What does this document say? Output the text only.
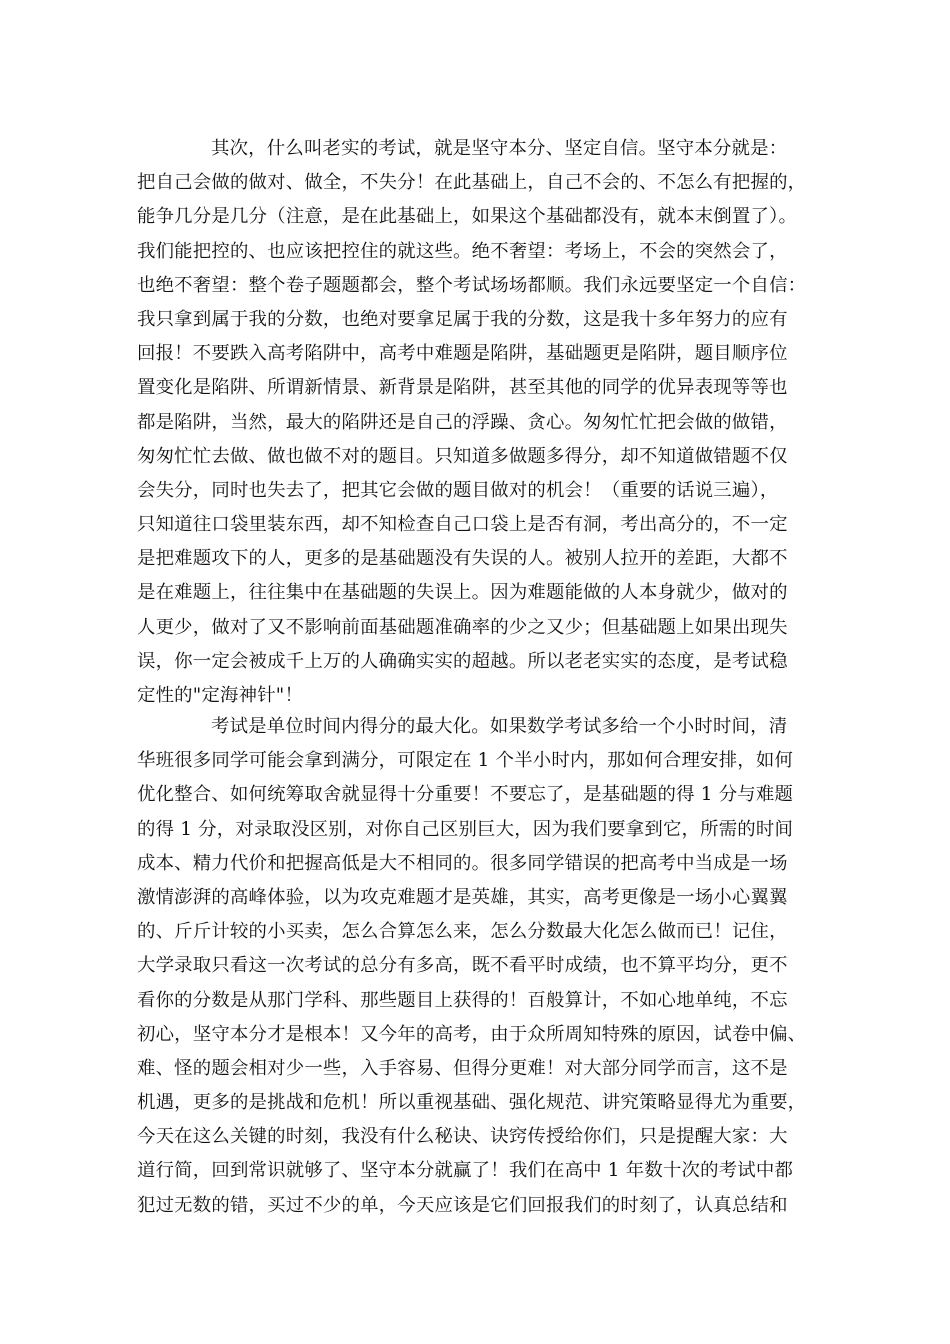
其次，什么叫老实的考试，就是坚守本分、坚定自信。坚守本分就是：
把自己会做的做对、做全，不失分！在此基础上，自己不会的、不怎么有把握的，
能争几分是几分（注意，是在此基础上，如果这个基础都没有，就本末倒置了）。
我们能把控的、也应该把控住的就这些。绝不奢望：考场上，不会的突然会了，
也绝不奢望：整个卷子题题都会，整个考试场场都顺。我们永远要坚定一个自信：
我只拿到属于我的分数，也绝对要拿足属于我的分数，这是我十多年努力的应有
回报！不要跌入高考陷阱中，高考中难题是陷阱，基础题更是陷阱，题目顺序位
置变化是陷阱、所谓新情景、新背景是陷阱，甚至其他的同学的优异表现等等也
都是陷阱，当然，最大的陷阱还是自己的浮躁、贪心。匆匆忙忙把会做的做错，
匆匆忙忙去做、做也做不对的题目。只知道多做题多得分，却不知道做错题不仅
会失分，同时也失去了，把其它会做的题目做对的机会！（重要的话说三遍），
只知道往口袋里装东西，却不知检查自己口袋上是否有洞，考出高分的，不一定
是把难题攻下的人，更多的是基础题没有失误的人。被别人拉开的差距，大都不
是在难题上，往往集中在基础题的失误上。因为难题能做的人本身就少，做对的
人更少，做对了又不影响前面基础题准确率的少之又少；但基础题上如果出现失
误，你一定会被成千上万的人确确实实的超越。所以老老实实的态度，是考试稳
定性的"定海神针"！
考试是单位时间内得分的最大化。如果数学考试多给一个小时时间，清
华班很多同学可能会拿到满分，可限定在 1 个半小时内，那如何合理安排，如何
优化整合、如何统筹取舍就显得十分重要！不要忘了，是基础题的得 1 分与难题
的得 1 分，对录取没区别，对你自己区别巨大，因为我们要拿到它，所需的时间
成本、精力代价和把握高低是大不相同的。很多同学错误的把高考中当成是一场
激情澎湃的高峰体验，以为攻克难题才是英雄，其实，高考更像是一场小心翼翼
的、斤斤计较的小买卖，怎么合算怎么来，怎么分数最大化怎么做而已！记住，
大学录取只看这一次考试的总分有多高，既不看平时成绩，也不算平均分，更不
看你的分数是从那门学科、那些题目上获得的！百般算计，不如心地单纯，不忘
初心，坚守本分才是根本！又今年的高考，由于众所周知特殊的原因，试卷中偏、
难、怪的题会相对少一些，入手容易、但得分更难！对大部分同学而言，这不是
机遇，更多的是挑战和危机！所以重视基础、强化规范、讲究策略显得尤为重要，
今天在这么关键的时刻，我没有什么秘诀、诀窍传授给你们，只是提醒大家：大
道行简，回到常识就够了、坚守本分就赢了！我们在高中 1 年数十次的考试中都
犯过无数的错，买过不少的单，今天应该是它们回报我们的时刻了，认真总结和
